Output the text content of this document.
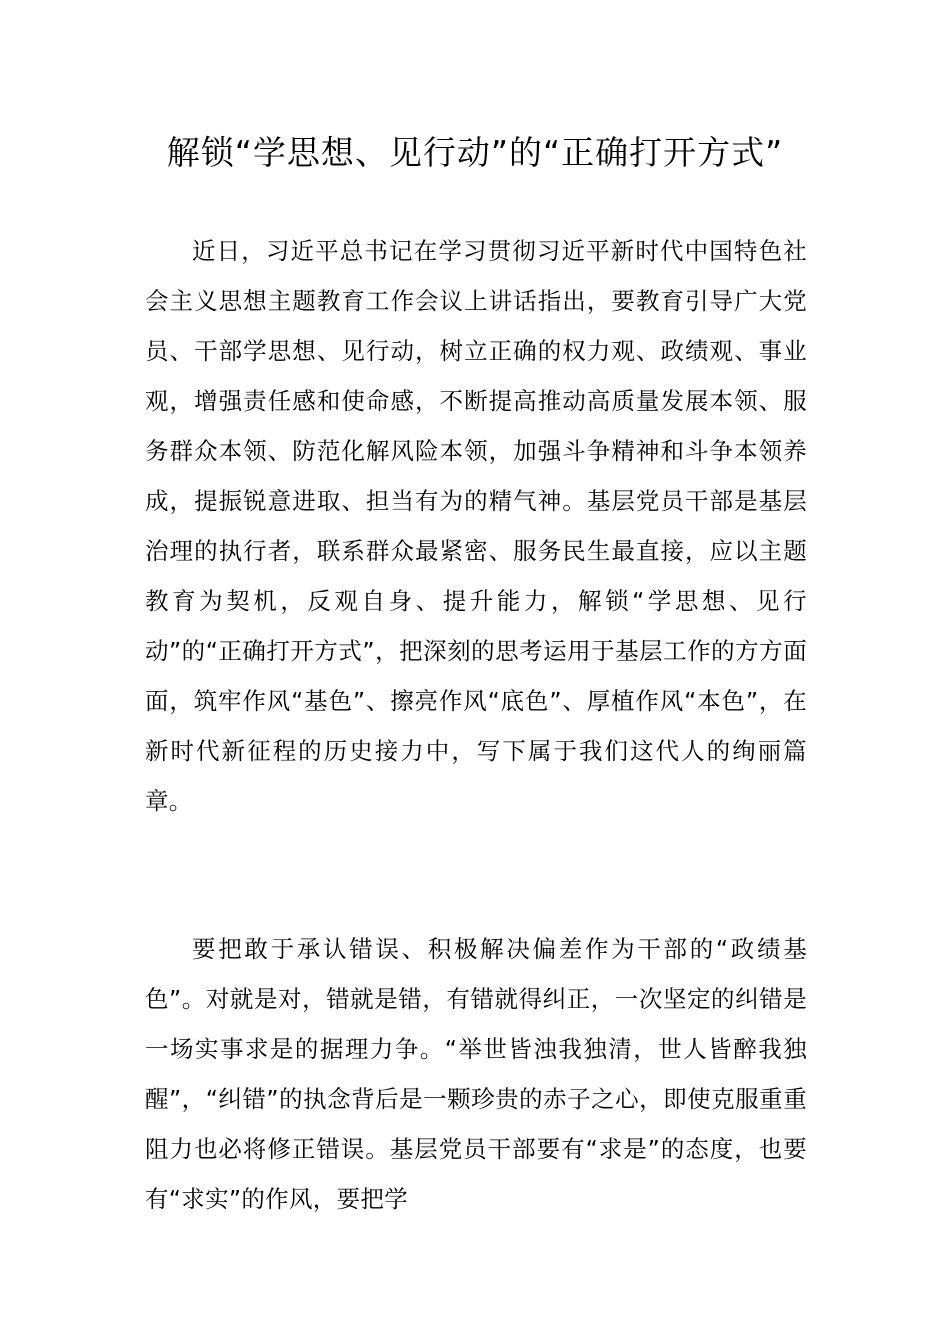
解锁“学思想、见行动”的“正确打开方式”

近日，习近平总书记在学习贯彻习近平新时代中国特色社会主义思想主题教育工作会议上讲话指出，要教育引导广大党员、干部学思想、见行动，树立正确的权力观、政绩观、事业观，增强责任感和使命感，不断提高推动高质量发展本领、服务群众本领、防范化解风险本领，加强斗争精神和斗争本领养成，提振锐意进取、担当有为的精气神。基层党员干部是基层治理的执行者，联系群众最紧密、服务民生最直接，应以主题教育为契机，反观自身、提升能力，解锁“学思想、见行动”的“正确打开方式”，把深刻的思考运用于基层工作的方方面面，筑牢作风“基色”、擦亮作风“底色”、厚植作风“本色”，在新时代新征程的历史接力中，写下属于我们这代人的绚丽篇章。

要把敢于承认错误、积极解决偏差作为干部的“政绩基色”。对就是对，错就是错，有错就得纠正，一次坚定的纠错是一场实事求是的据理力争。“举世皆浊我独清，世人皆醉我独醒”，“纠错”的执念背后是一颗珍贵的赤子之心，即使克服重重阻力也必将修正错误。基层党员干部要有“求是”的态度，也要有“求实”的作风，要把学
